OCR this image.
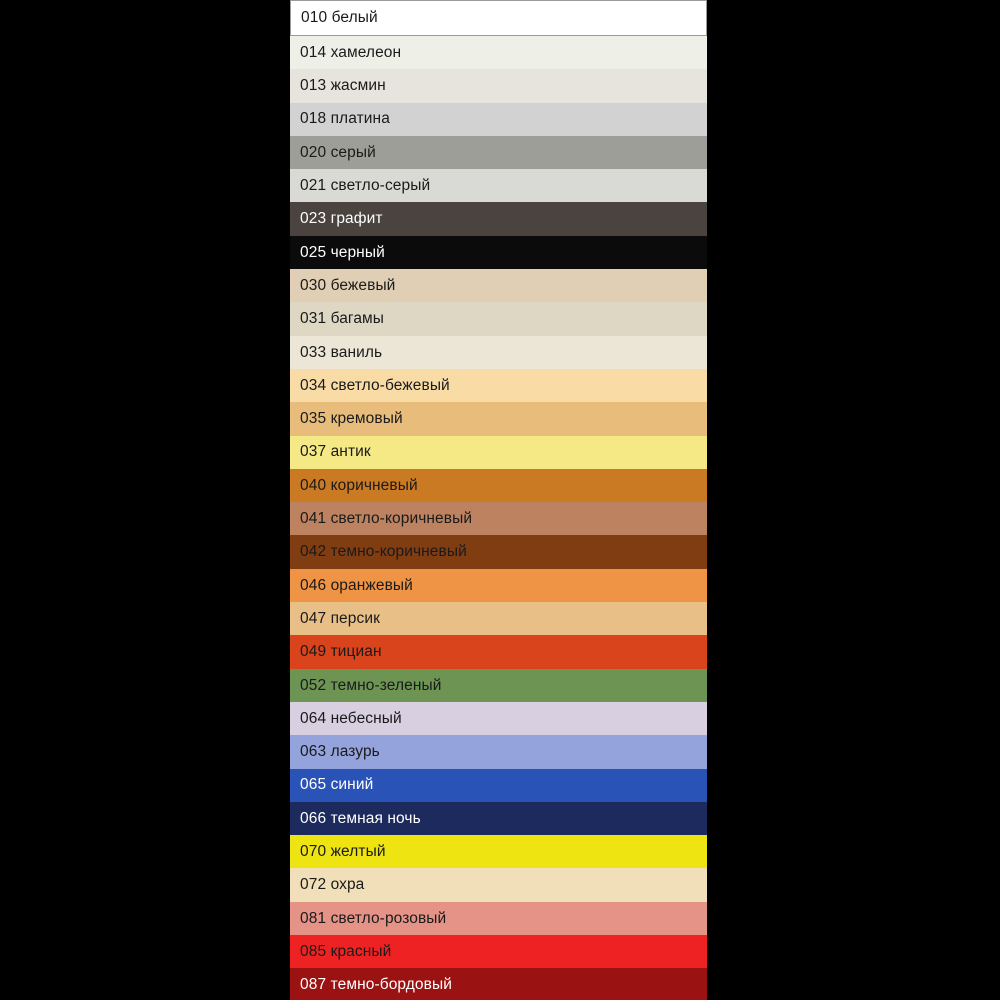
010 белый
014 хамелеон
013 жасмин
018 платина
020 серый
021 светло-серый
023 графит
025 черный
030 бежевый
031 багамы
033 ваниль
034 светло-бежевый
035 кремовый
037 антик
040 коричневый
041 светло-коричневый
042 темно-коричневый
046 оранжевый
047 персик
049 тициан
052 темно-зеленый
064 небесный
063 лазурь
065 синий
066 темная ночь
070 желтый
072 охра
081 светло-розовый
085 красный
087 темно-бордовый
